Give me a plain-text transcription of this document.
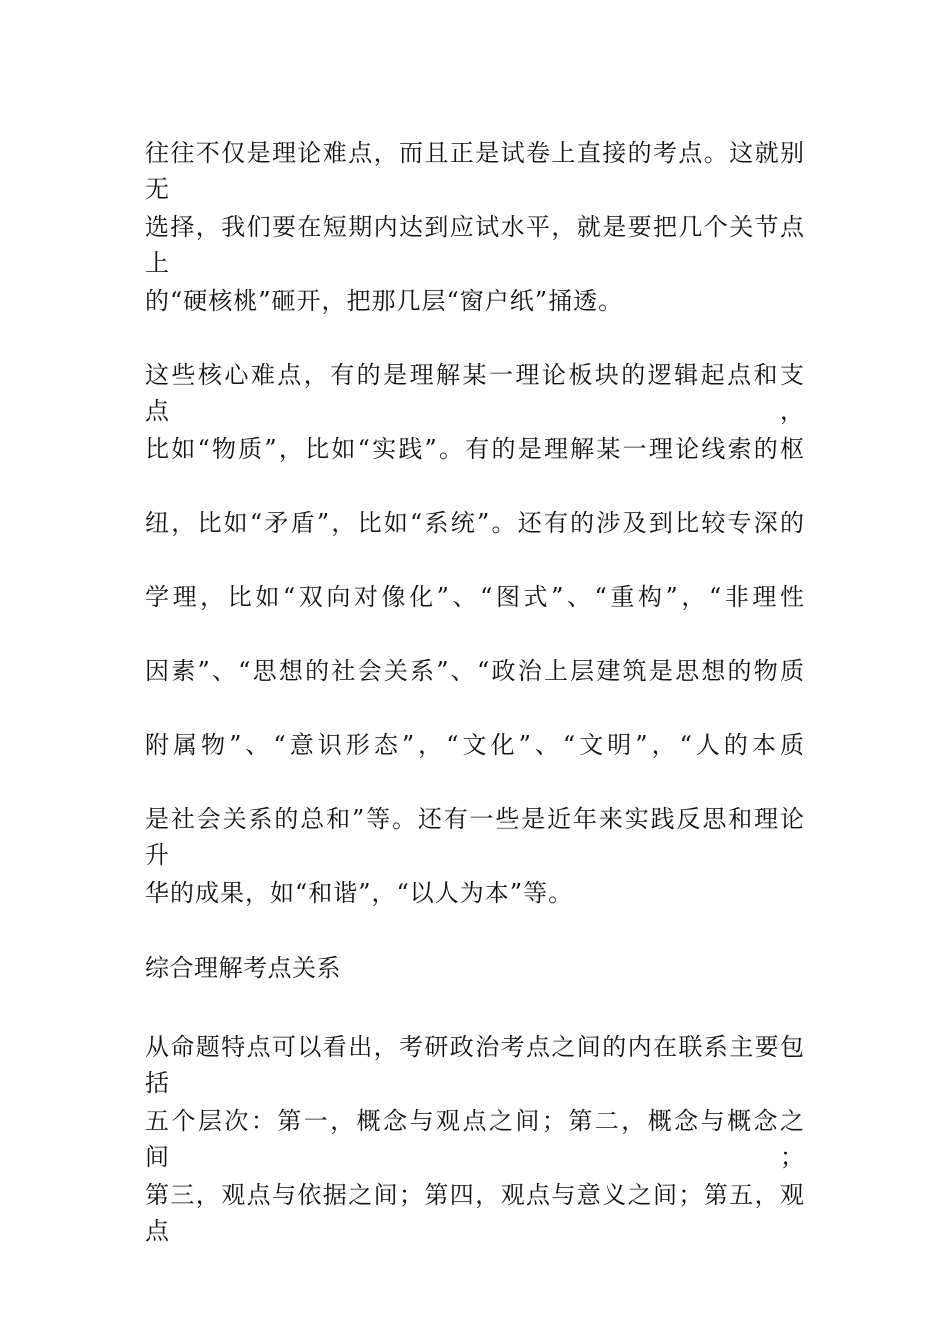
往往不仅是理论难点，而且正是试卷上直接的考点。这就别无
选择，我们要在短期内达到应试水平，就是要把几个关节点上
的“硬核桃”砸开，把那几层“窗户纸”捅透。
这些核心难点，有的是理解某一理论板块的逻辑起点和支点，
比如“物质”，比如“实践”。有的是理解某一理论线索的枢
纽，比如“矛盾”，比如“系统”。还有的涉及到比较专深的
学理，比如“双向对像化”、“图式”、“重构”，“非理性
因素”、“思想的社会关系”、“政治上层建筑是思想的物质
附属物”、“意识形态”，“文化”、“文明”，“人的本质
是社会关系的总和”等。还有一些是近年来实践反思和理论升
华的成果，如“和谐”，“以人为本”等。
综合理解考点关系
从命题特点可以看出，考研政治考点之间的内在联系主要包括
五个层次：第一，概念与观点之间；第二，概念与概念之间；
第三，观点与依据之间；第四，观点与意义之间；第五，观点
